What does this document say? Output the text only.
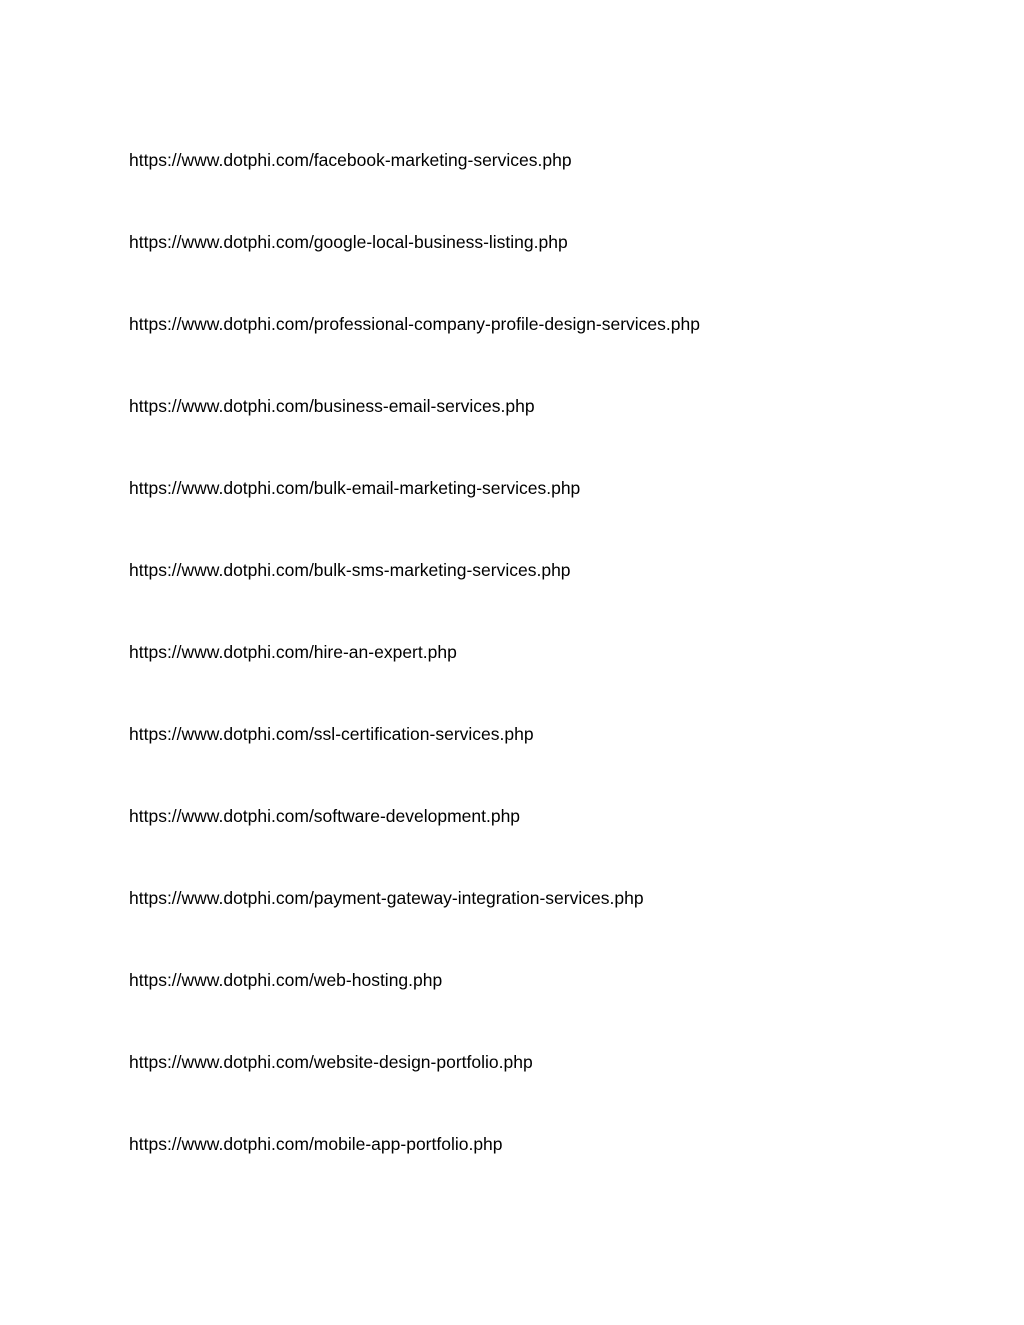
https://www.dotphi.com/facebook-marketing-services.php
https://www.dotphi.com/google-local-business-listing.php
https://www.dotphi.com/professional-company-profile-design-services.php
https://www.dotphi.com/business-email-services.php
https://www.dotphi.com/bulk-email-marketing-services.php
https://www.dotphi.com/bulk-sms-marketing-services.php
https://www.dotphi.com/hire-an-expert.php
https://www.dotphi.com/ssl-certification-services.php
https://www.dotphi.com/software-development.php
https://www.dotphi.com/payment-gateway-integration-services.php
https://www.dotphi.com/web-hosting.php
https://www.dotphi.com/website-design-portfolio.php
https://www.dotphi.com/mobile-app-portfolio.php
